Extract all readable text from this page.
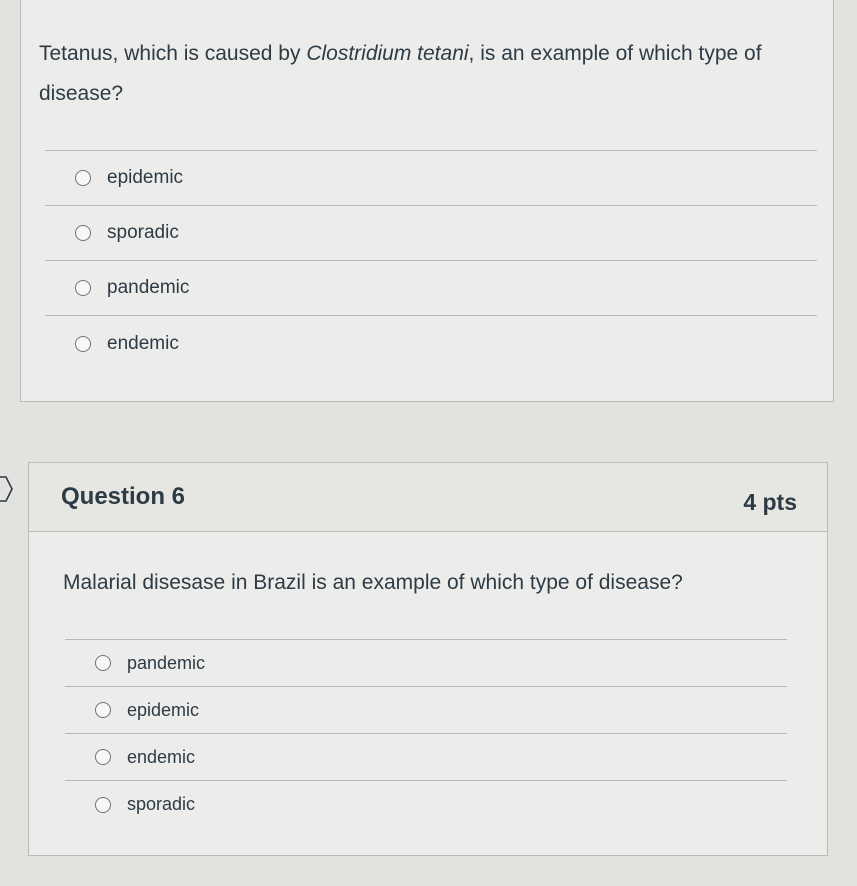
Tetanus, which is caused by Clostridium tetani, is an example of which type of disease?
epidemic
sporadic
pandemic
endemic
Question 6	4 pts
Malarial disesase in Brazil is an example of which type of disease?
pandemic
epidemic
endemic
sporadic
